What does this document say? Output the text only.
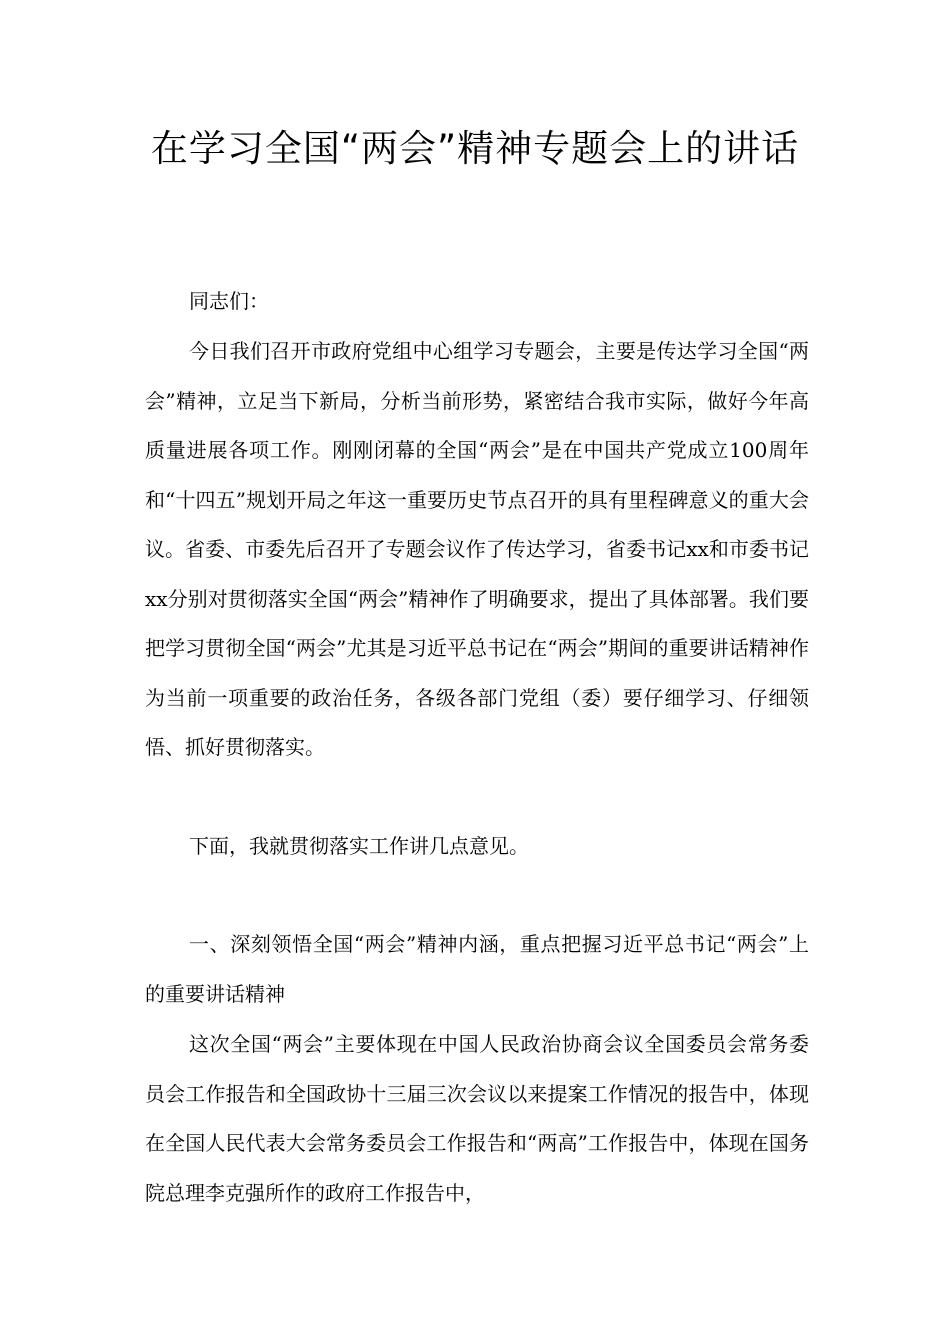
在学习全国“两会”精神专题会上的讲话

同志们：

今日我们召开市政府党组中心组学习专题会，主要是传达学习全国“两会”精神，立足当下新局，分析当前形势，紧密结合我市实际，做好今年高质量进展各项工作。刚刚闭幕的全国“两会”是在中国共产党成立100周年和“十四五”规划开局之年这一重要历史节点召开的具有里程碑意义的重大会议。省委、市委先后召开了专题会议作了传达学习，省委书记xx和市委书记xx分别对贯彻落实全国“两会”精神作了明确要求，提出了具体部署。我们要把学习贯彻全国“两会”尤其是习近平总书记在“两会”期间的重要讲话精神作为当前一项重要的政治任务，各级各部门党组（委）要仔细学习、仔细领悟、抓好贯彻落实。

下面，我就贯彻落实工作讲几点意见。

一、深刻领悟全国“两会”精神内涵，重点把握习近平总书记“两会”上的重要讲话精神

这次全国“两会”主要体现在中国人民政治协商会议全国委员会常务委员会工作报告和全国政协十三届三次会议以来提案工作情况的报告中，体现在全国人民代表大会常务委员会工作报告和“两高”工作报告中，体现在国务院总理李克强所作的政府工作报告中，
